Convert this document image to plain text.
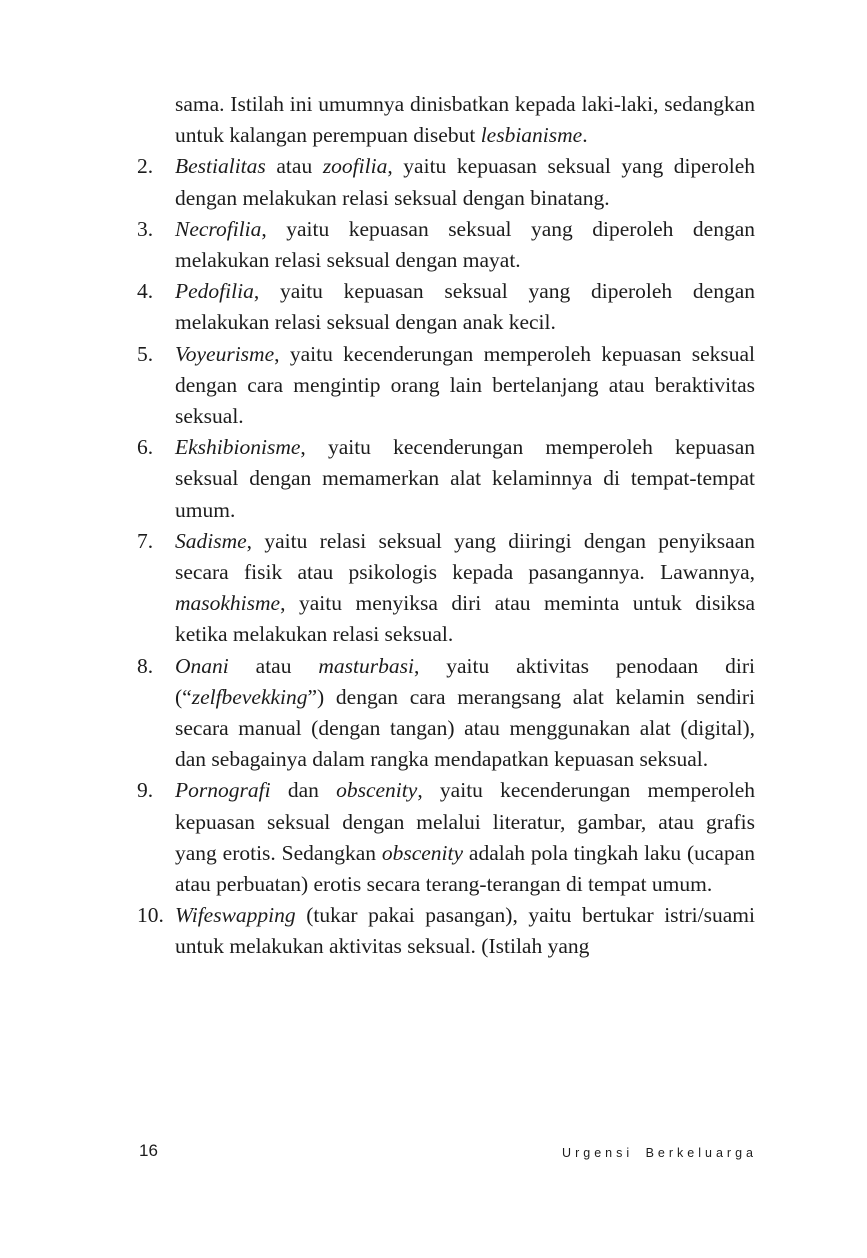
sama. Istilah ini umumnya dinisbatkan kepada laki-laki, sedangkan untuk kalangan perempuan disebut lesbianisme.

2. Bestialitas atau zoofilia, yaitu kepuasan seksual yang diperoleh dengan melakukan relasi seksual dengan binatang.
3. Necrofilia, yaitu kepuasan seksual yang diperoleh dengan melakukan relasi seksual dengan mayat.
4. Pedofilia, yaitu kepuasan seksual yang diperoleh dengan melakukan relasi seksual dengan anak kecil.
5. Voyeurisme, yaitu kecenderungan memperoleh kepuasan seksual dengan cara mengintip orang lain bertelanjang atau beraktivitas seksual.
6. Ekshibionisme, yaitu kecenderungan memperoleh kepuasan seksual dengan memamerkan alat kelaminnya di tempat-tempat umum.
7. Sadisme, yaitu relasi seksual yang diiringi dengan penyiksaan secara fisik atau psikologis kepada pasangannya. Lawannya, masokhisme, yaitu menyiksa diri atau meminta untuk disiksa ketika melakukan relasi seksual.
8. Onani atau masturbasi, yaitu aktivitas penodaan diri (“zelfbevekking”) dengan cara merangsang alat kelamin sendiri secara manual (dengan tangan) atau menggunakan alat (digital), dan sebagainya dalam rangka mendapatkan kepuasan seksual.
9. Pornografi dan obscenity, yaitu kecenderungan memperoleh kepuasan seksual dengan melalui literatur, gambar, atau grafis yang erotis. Sedangkan obscenity adalah pola tingkah laku (ucapan atau perbuatan) erotis secara terang-terangan di tempat umum.
10. Wifeswapping (tukar pakai pasangan), yaitu bertukar istri/suami untuk melakukan aktivitas seksual. (Istilah yang
16	Urgensi Berkeluarga
